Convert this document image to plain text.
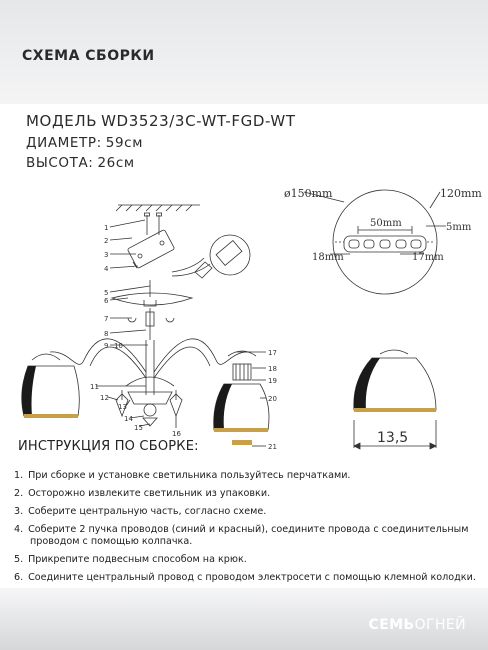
СХЕМА СБОРКИ
МОДЕЛЬ WD3523/3C-WT-FGD-WT
ДИАМЕТР: 59см
ВЫСОТА: 26см
1
2
3
4
5
6
7
8
9 10
11
12
13
14
15
16
17
18
19
20
21
ø150mm	120mm
50mm	5mm
18mm	17mm
13,5
ИНСТРУКЦИЯ ПО СБОРКЕ:
1. При сборке и установке светильника пользуйтесь перчатками.
2. Осторожно извлеките светильник из упаковки.
3. Соберите центральную часть, согласно схеме.
4. Соберите 2 пучка проводов (синий и красный), соедините провода с соединительным
проводом с помощью колпачка.
5. Прикрепите подвесным способом на крюк.
6. Соедините центральный провод с проводом электросети с помощью клемной колодки.
СЕМЬОГНЕЙ
